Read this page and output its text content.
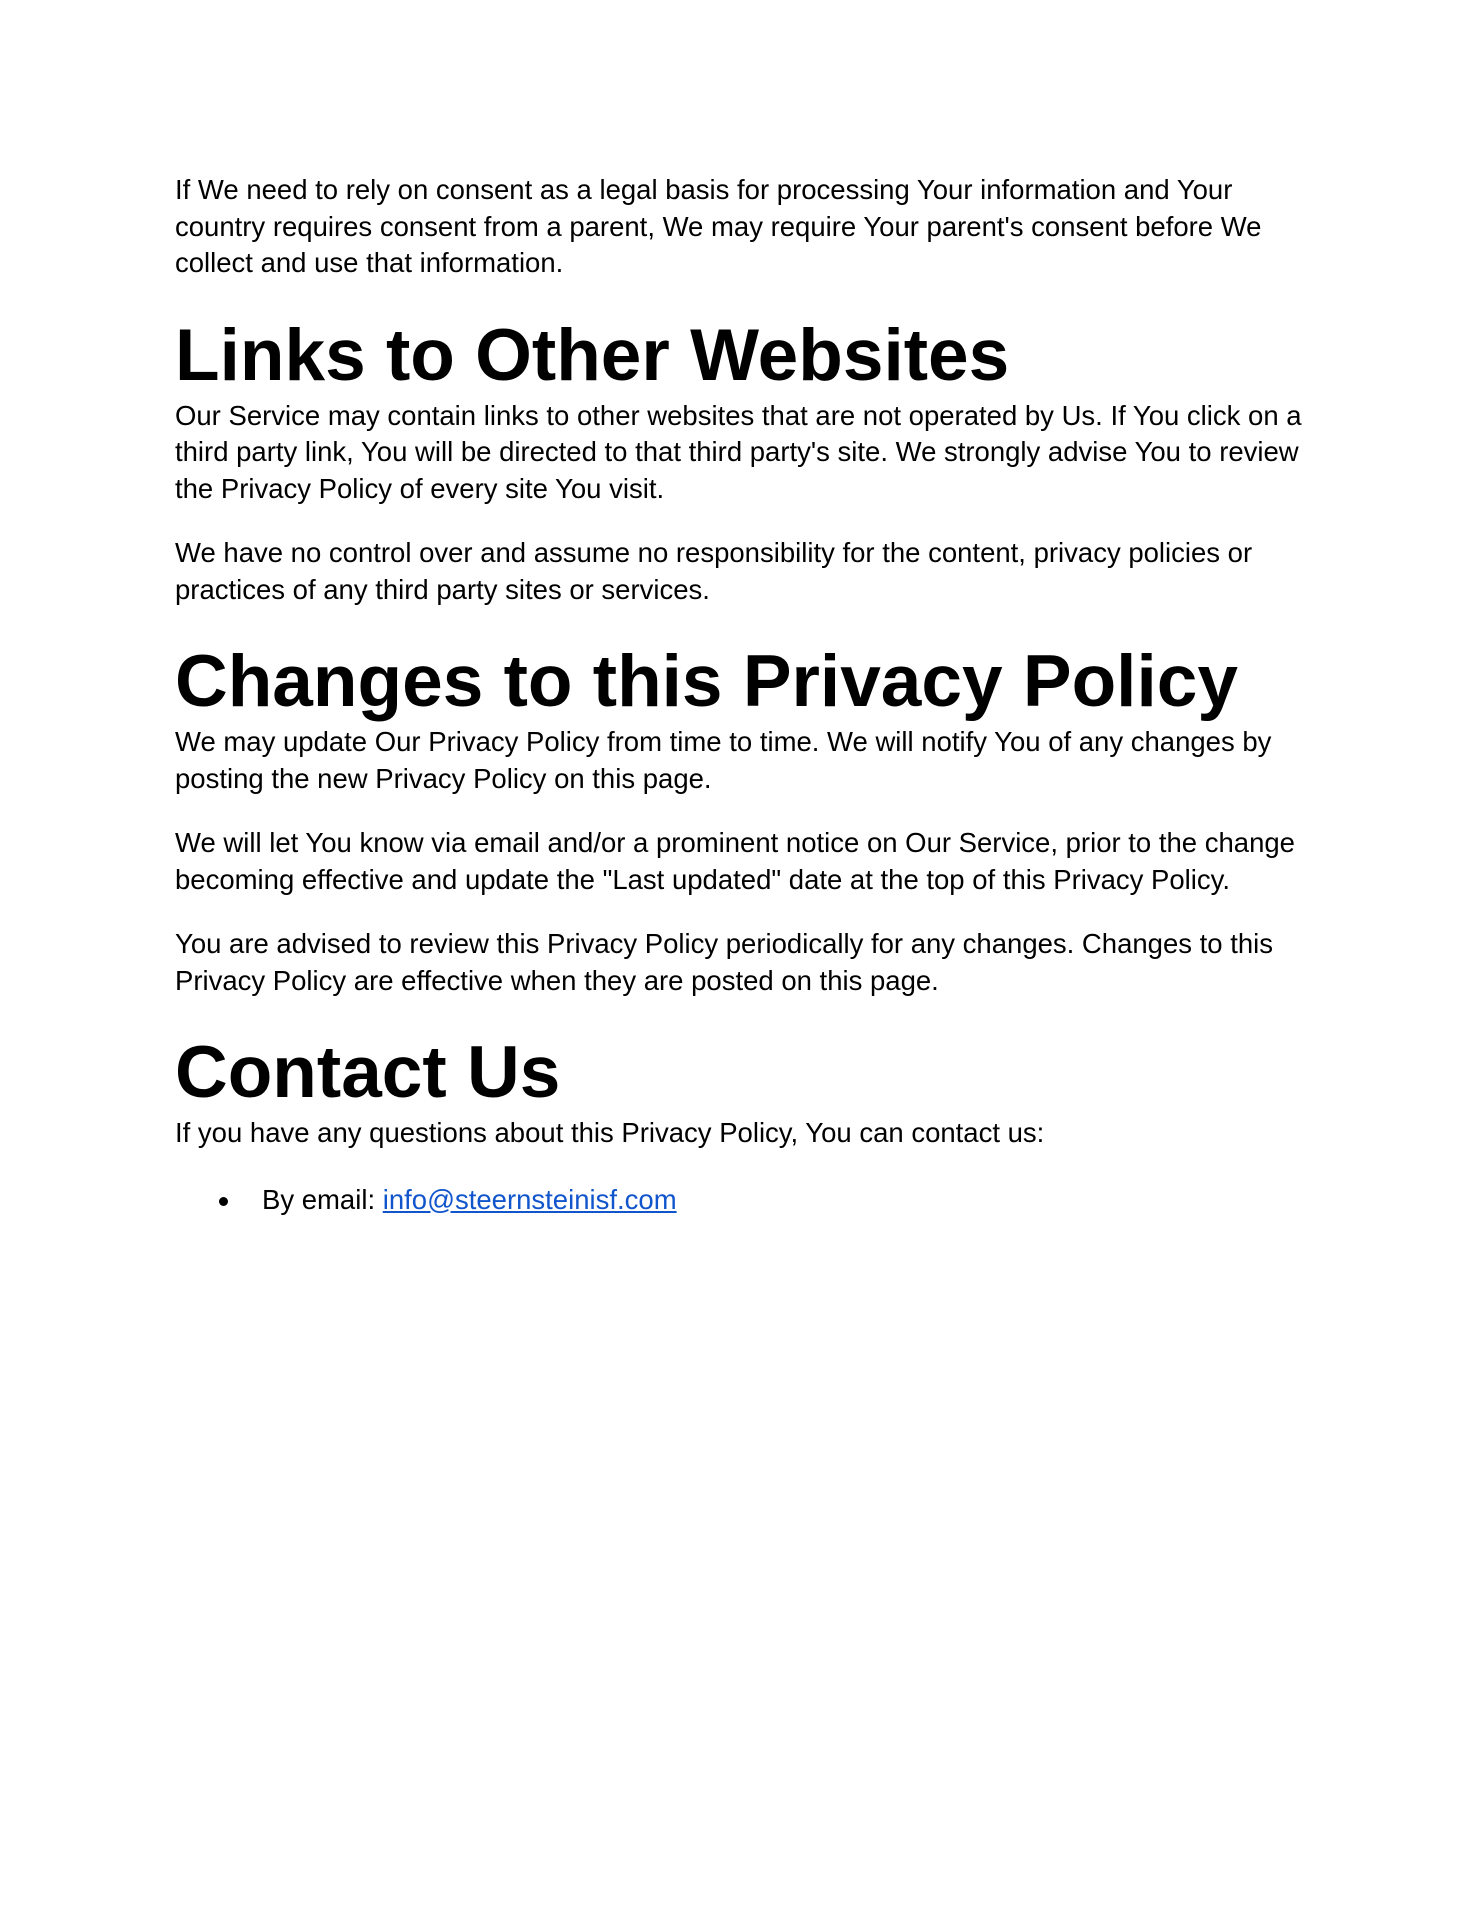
If We need to rely on consent as a legal basis for processing Your information and Your country requires consent from a parent, We may require Your parent's consent before We collect and use that information.

Links to Other Websites

Our Service may contain links to other websites that are not operated by Us. If You click on a third party link, You will be directed to that third party's site. We strongly advise You to review the Privacy Policy of every site You visit.

We have no control over and assume no responsibility for the content, privacy policies or practices of any third party sites or services.

Changes to this Privacy Policy

We may update Our Privacy Policy from time to time. We will notify You of any changes by posting the new Privacy Policy on this page.

We will let You know via email and/or a prominent notice on Our Service, prior to the change becoming effective and update the "Last updated" date at the top of this Privacy Policy.

You are advised to review this Privacy Policy periodically for any changes. Changes to this Privacy Policy are effective when they are posted on this page.

Contact Us

If you have any questions about this Privacy Policy, You can contact us:

By email: info@steernsteinisf.com
